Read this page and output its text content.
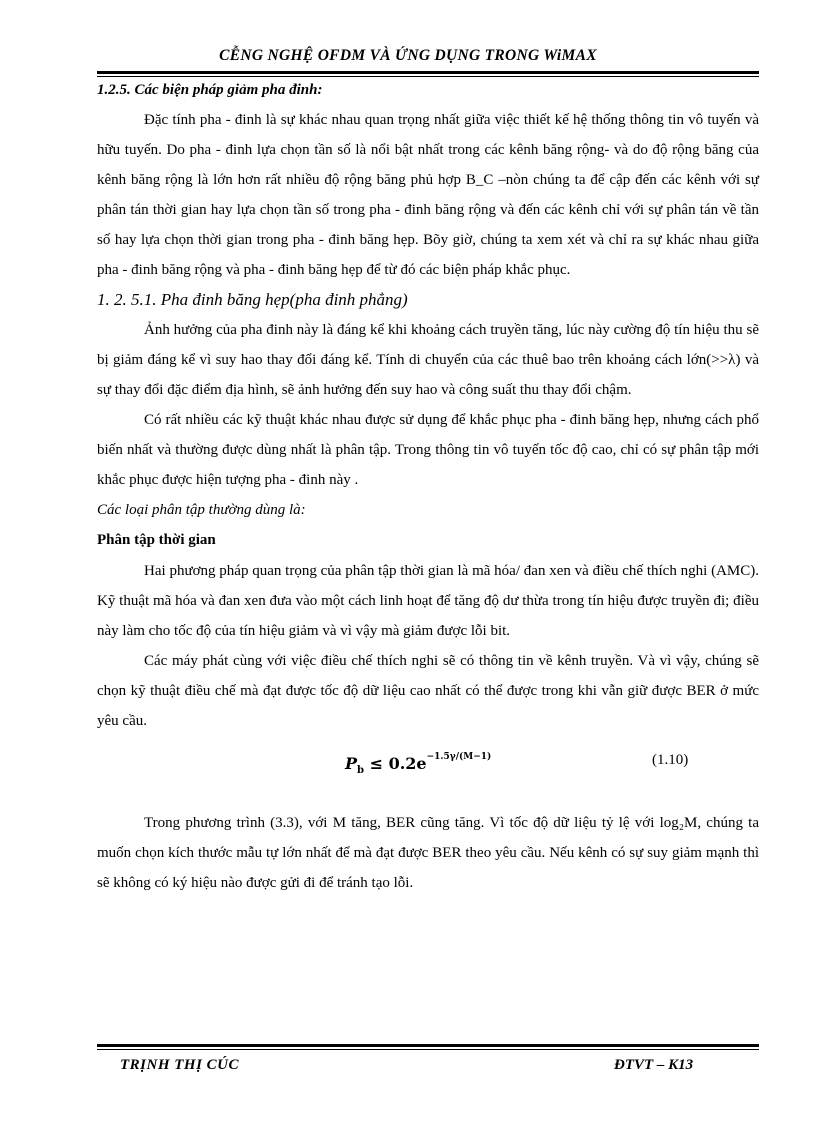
CỄNG NGHỆ OFDM VÀ ỨNG DỤNG TRONG WiMAX
1.2.5. Các biện pháp giảm pha đinh:

Đặc tính pha - đinh là sự khác nhau quan trọng nhất giữa việc thiết kế hệ thống thông tin vô tuyến và hữu tuyến. Do pha - đinh lựa chọn tần số là nổi bật nhất trong các kênh băng rộng- và do độ rộng băng của kênh băng rộng là lớn hơn rất nhiều độ rộng băng phủ hợp B_C –nòn chúng ta để cập đến các kênh với sự phân tán thời gian hay lựa chọn tần số trong pha - đinh băng rộng và đến các kênh chỉ với sự phân tán về tần số hay lựa chọn thời gian trong pha - đinh băng hẹp. Bõy giờ, chúng ta xem xét và chỉ ra sự khác nhau giữa pha - đinh băng rộng và pha - đinh băng hẹp để từ đó các biện pháp khắc phục.

1. 2. 5.1. Pha đinh băng hẹp(pha đinh phẳng)

Ảnh hưởng của pha đinh này là đáng kể khi khoảng cách truyền tăng, lúc này cường độ tín hiệu thu sẽ bị giảm đáng kể vì suy hao thay đổi đáng kể. Tính di chuyển của các thuê bao trên khoảng cách lớn(>>λ) và sự thay đổi đặc điểm địa hình, sẽ ảnh hưởng đến suy hao và công suất thu thay đổi chậm.

Có rất nhiều các kỹ thuật khác nhau được sử dụng để khắc phục pha - đinh băng hẹp, nhưng cách phổ biến nhất và thường được dùng nhất là phân tập. Trong thông tin vô tuyến tốc độ cao, chỉ có sự phân tập mới khắc phục được hiện tượng pha - đinh này .

Các loại phân tập thường dùng là:
Phân tập thời gian

Hai phương pháp quan trọng của phân tập thời gian là mã hóa/ đan xen và điều chế thích nghi (AMC). Kỹ thuật mã hóa và đan xen đưa vào một cách linh hoạt để tăng độ dư thừa trong tín hiệu được truyền đi; điều này làm cho tốc độ của tín hiệu giảm và vì vậy mà giảm được lỗi bit.

Các máy phát cùng với việc điều chế thích nghi sẽ có thông tin về kênh truyền. Và vì vậy, chúng sẽ chọn kỹ thuật điều chế mà đạt được tốc độ dữ liệu cao nhất có thể được trong khi vẫn giữ được BER ở mức yêu cầu.

$P_b \le 0.2e^{-1.5\gamma/(M-1)}$	(1.10)

Trong phương trình (3.3), với M tăng, BER cũng tăng. Vì tốc độ dữ liệu tỷ lệ với log₂M, chúng ta muốn chọn kích thước mẫu tự lớn nhất để mà đạt được BER theo yêu cầu. Nếu kênh có sự suy giảm mạnh thì sẽ không có ký hiệu nào được gửi đi để tránh tạo lỗi.

TRỊNH THỊ CÚC	ĐTVT – K13
